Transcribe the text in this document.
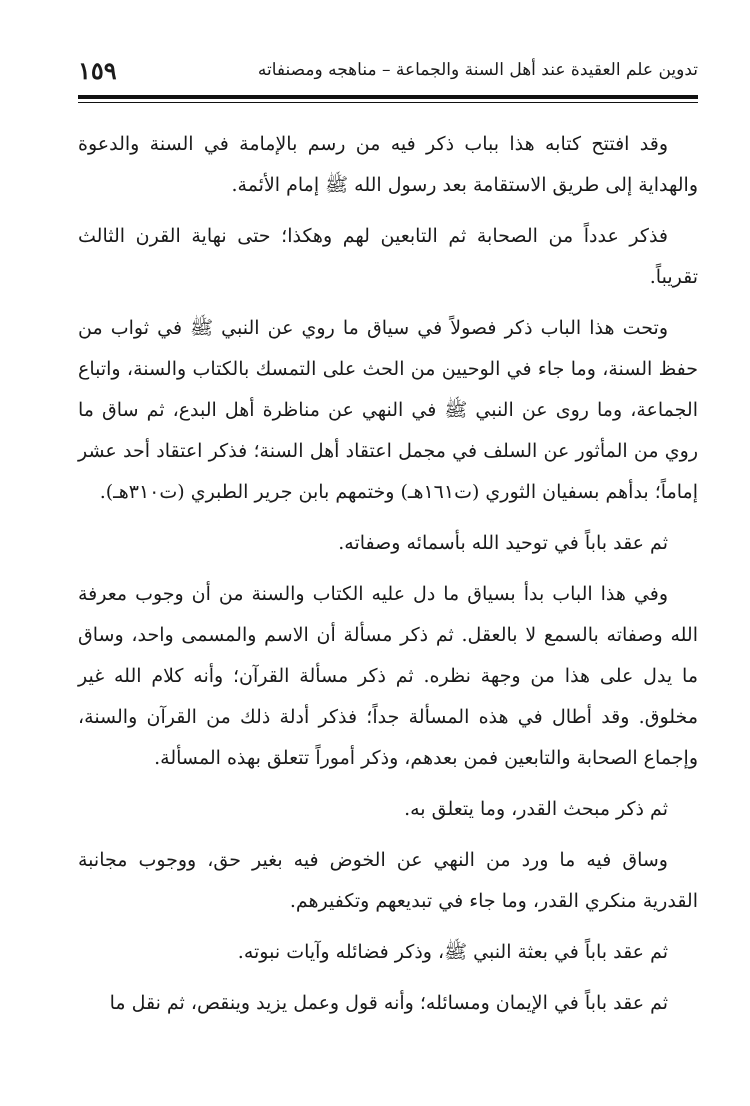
تدوين علم العقيدة عند أهل السنة والجماعة – مناهجه ومصنفاته
١٥٩

وقد افتتح كتابه هذا بباب ذكر فيه من رسم بالإمامة في السنة والدعوة والهداية إلى طريق الاستقامة بعد رسول الله ﷺ إمام الأئمة.

فذكر عدداً من الصحابة ثم التابعين لهم وهكذا؛ حتى نهاية القرن الثالث تقريباً.

وتحت هذا الباب ذكر فصولاً في سياق ما روي عن النبي ﷺ في ثواب من حفظ السنة، وما جاء في الوحيين من الحث على التمسك بالكتاب والسنة، واتباع الجماعة، وما روى عن النبي ﷺ في النهي عن مناظرة أهل البدع، ثم ساق ما روي من المأثور عن السلف في مجمل اعتقاد أهل السنة؛ فذكر اعتقاد أحد عشر إماماً؛ بدأهم بسفيان الثوري (ت١٦١هـ) وختمهم بابن جرير الطبري (ت٣١٠هـ).

ثم عقد باباً في توحيد الله بأسمائه وصفاته.

وفي هذا الباب بدأ بسياق ما دل عليه الكتاب والسنة من أن وجوب معرفة الله وصفاته بالسمع لا بالعقل. ثم ذكر مسألة أن الاسم والمسمى واحد، وساق ما يدل على هذا من وجهة نظره. ثم ذكر مسألة القرآن؛ وأنه كلام الله غير مخلوق. وقد أطال في هذه المسألة جداً؛ فذكر أدلة ذلك من القرآن والسنة، وإجماع الصحابة والتابعين فمن بعدهم، وذكر أموراً تتعلق بهذه المسألة.

ثم ذكر مبحث القدر، وما يتعلق به.

وساق فيه ما ورد من النهي عن الخوض فيه بغير حق، ووجوب مجانبة القدرية منكري القدر، وما جاء في تبديعهم وتكفيرهم.

ثم عقد باباً في بعثة النبي ﷺ، وذكر فضائله وآيات نبوته.

ثم عقد باباً في الإيمان ومسائله؛ وأنه قول وعمل يزيد وينقص، ثم نقل ما
